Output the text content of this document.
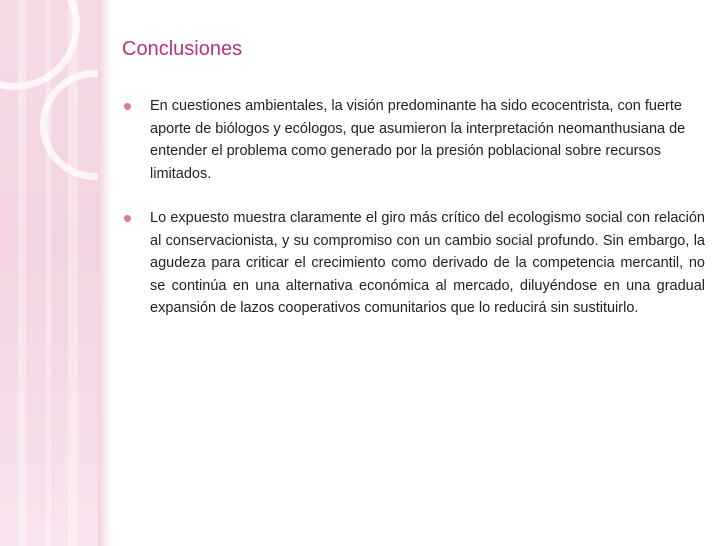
Conclusiones
En cuestiones ambientales, la visión predominante ha sido ecocentrista, con fuerte aporte de biólogos y ecólogos, que asumieron la interpretación neomanthusiana de entender el problema como generado por la presión poblacional sobre recursos limitados.
Lo expuesto muestra claramente el giro más crítico del ecologismo social con relación al conservacionista, y su compromiso con un cambio social profundo. Sin embargo, la agudeza para criticar el crecimiento como derivado de la competencia mercantil, no se continúa en una alternativa económica al mercado, diluyéndose en una gradual expansión de lazos cooperativos comunitarios que lo reducirá sin sustituirlo.
